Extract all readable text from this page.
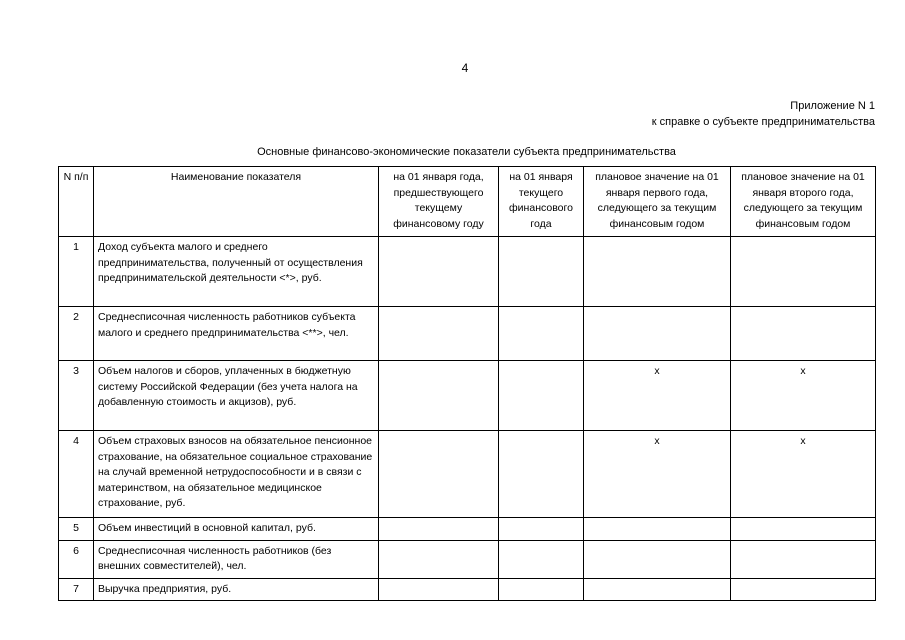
4
Приложение N 1
к справке о субъекте предпринимательства
Основные финансово-экономические показатели субъекта предпринимательства
N п/п	Наименование показателя	на 01 января года, предшествующего текущему финансовому году	на 01 января текущего финансового года	плановое значение на 01 января первого года, следующего за текущим финансовым годом	плановое значение на 01 января второго года, следующего за текущим финансовым годом
1	Доход субъекта малого и среднего предпринимательства, полученный от осуществления предпринимательской деятельности <*>, руб.				
2	Среднесписочная численность работников субъекта малого и среднего предпринимательства <**>, чел.				
3	Объем налогов и сборов, уплаченных в бюджетную систему Российской Федерации (без учета налога на добавленную стоимость и акцизов), руб.			х	х
4	Объем страховых взносов на обязательное пенсионное страхование, на обязательное социальное страхование на случай временной нетрудоспособности и в связи с материнством, на обязательное медицинское страхование, руб.			х	х
5	Объем инвестиций в основной капитал, руб.				
6	Среднесписочная численность работников (без внешних совместителей), чел.				
7	Выручка предприятия, руб.				
